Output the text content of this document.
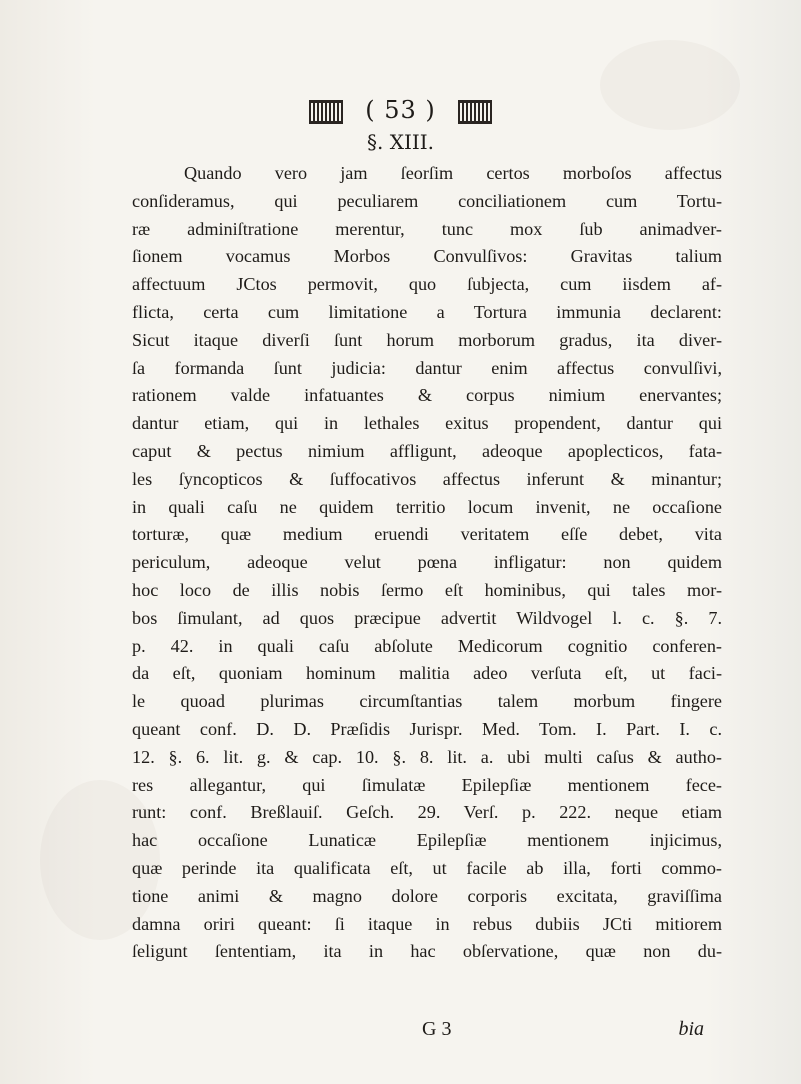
( 53 )
§. XIII.
Quando vero jam ſeorſim certos morboſos affectus
conſideramus, qui peculiarem conciliationem cum Tortu-
ræ adminiſtratione merentur, tunc mox ſub animadver-
ſionem vocamus Morbos Convulſivos: Gravitas talium
affectuum JCtos permovit, quo ſubjecta, cum iisdem af-
flicta, certa cum limitatione a Tortura immunia declarent:
Sicut itaque diverſi ſunt horum morborum gradus, ita diver-
ſa formanda ſunt judicia: dantur enim affectus convulſivi,
rationem valde infatuantes & corpus nimium enervantes;
dantur etiam, qui in lethales exitus propendent, dantur qui
caput & pectus nimium affligunt, adeoque apoplecticos, fata-
les ſyncopticos & ſuffocativos affectus inferunt & minantur;
in quali caſu ne quidem territio locum invenit, ne occaſione
torturæ, quæ medium eruendi veritatem eſſe debet, vita
periculum, adeoque velut pœna infligatur: non quidem
hoc loco de illis nobis ſermo eſt hominibus, qui tales mor-
bos ſimulant, ad quos præcipue advertit Wildvogel l. c. §. 7.
p. 42. in quali caſu abſolute Medicorum cognitio conferen-
da eſt, quoniam hominum malitia adeo verſuta eſt, ut faci-
le quoad plurimas circumſtantias talem morbum fingere
queant conf. D. D. Præſidis Jurispr. Med. Tom. I. Part. I. c.
12. §. 6. lit. g. & cap. 10. §. 8. lit. a. ubi multi caſus & autho-
res allegantur, qui ſimulatæ Epilepſiæ mentionem fece-
runt: conf. Breßlauiſ. Geſch. 29. Verſ. p. 222. neque etiam
hac occaſione Lunaticæ Epilepſiæ mentionem injicimus,
quæ perinde ita qualificata eſt, ut facile ab illa, forti commo-
tione animi & magno dolore corporis excitata, graviſſima
damna oriri queant: ſi itaque in rebus dubiis JCti mitiorem
ſeligunt ſententiam, ita in hac obſervatione, quæ non du-
G 3	bia
